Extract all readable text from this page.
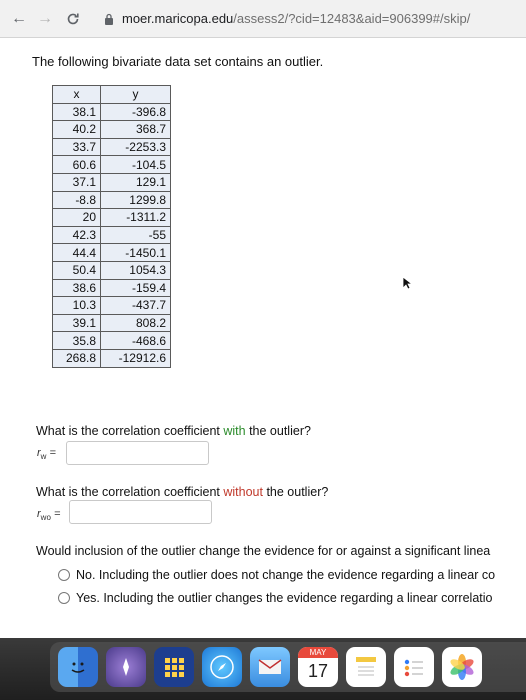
← →	moer.maricopa.edu/assess2/?cid=12483&aid=906399#/skip/
The following bivariate data set contains an outlier.
x	y
38.1	-396.8
40.2	368.7
33.7	-2253.3
60.6	-104.5
37.1	129.1
-8.8	1299.8
20	-1311.2
42.3	-55
44.4	-1450.1
50.4	1054.3
38.6	-159.4
10.3	-437.7
39.1	808.2
35.8	-468.6
268.8	-12912.6
What is the correlation coefficient with the outlier?
$r_w$ =
What is the correlation coefficient without the outlier?
$r_{wo}$ =
Would inclusion of the outlier change the evidence for or against a significant linea
No. Including the outlier does not change the evidence regarding a linear co
Yes. Including the outlier changes the evidence regarding a linear correlatio
MAY
17
